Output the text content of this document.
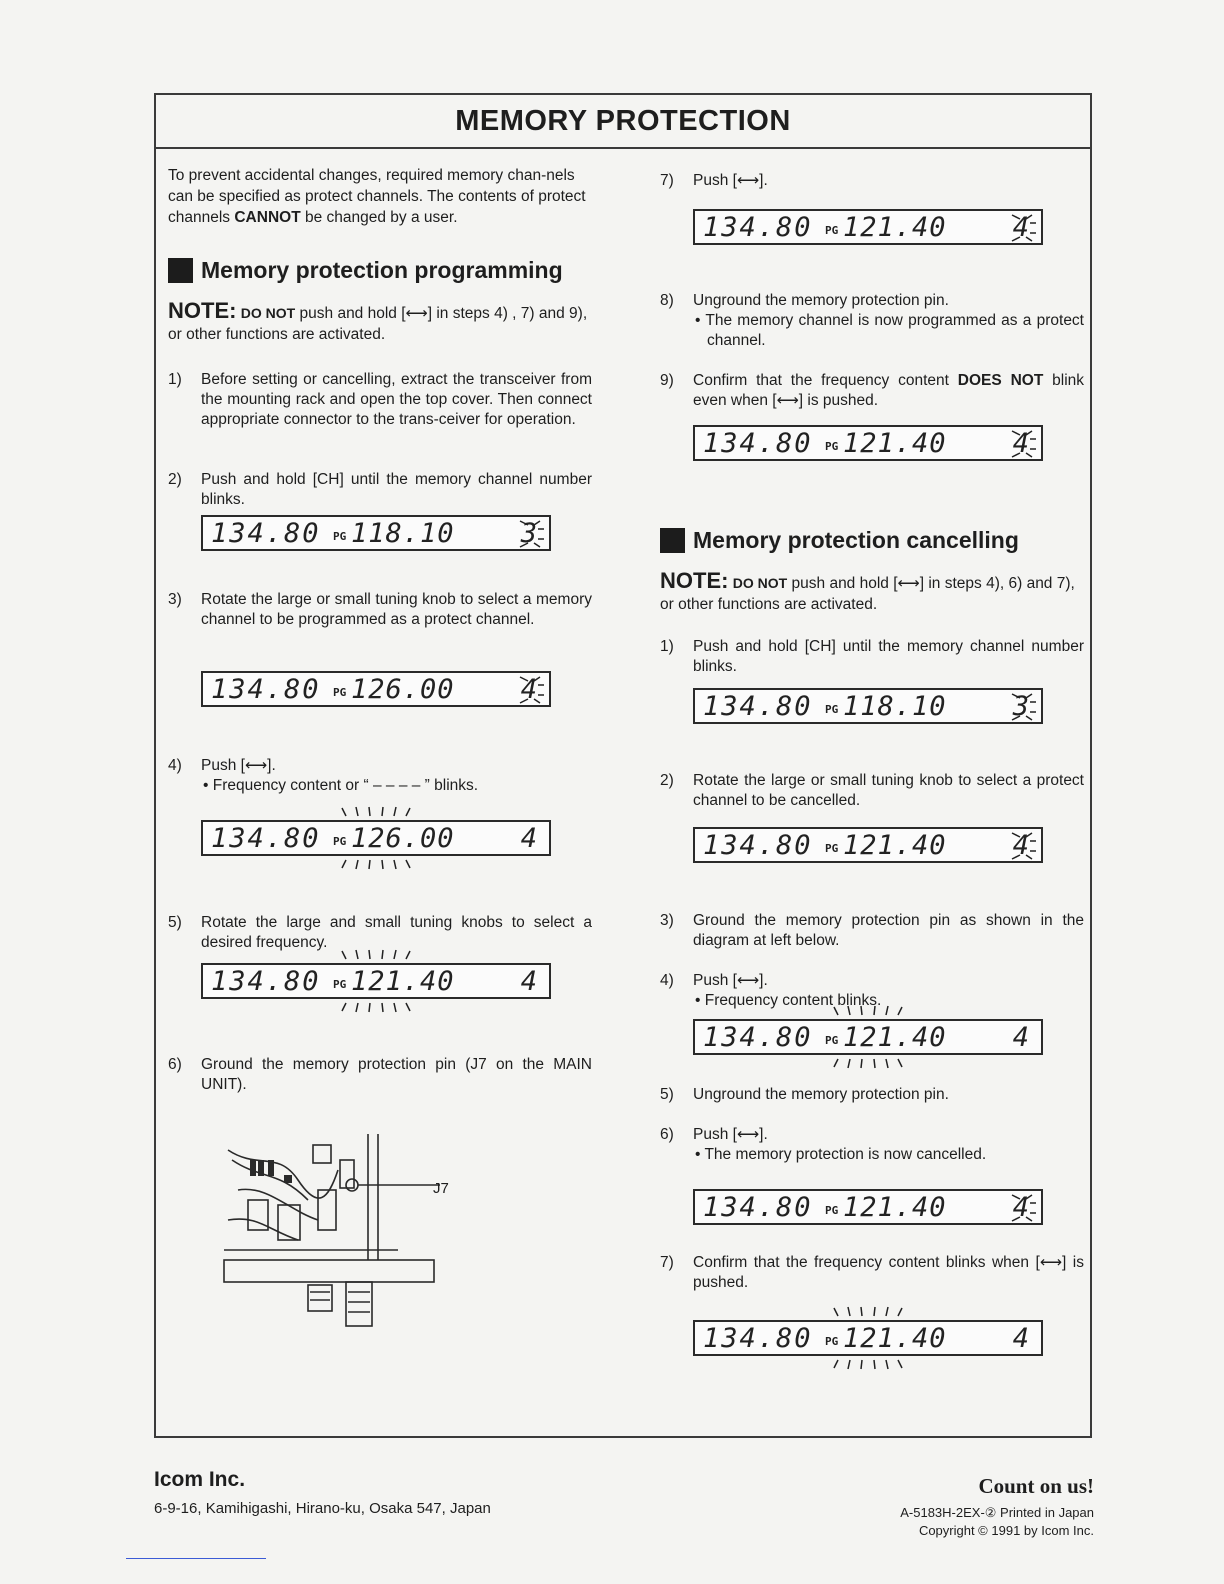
MEMORY PROTECTION

To prevent accidental changes, required memory chan-nels can be specified as protect channels. The contents of protect channels CANNOT be changed by a user.

Memory protection programming

NOTE: DO NOT push and hold [⟷] in steps 4) , 7) and 9), or other functions are activated.

1)	Before setting or cancelling, extract the transceiver from the mounting rack and open the top cover. Then connect appropriate connector to the trans-ceiver for operation.
2)	Push and hold [CH] until the memory channel number blinks.
134.80 PG 118.10 3
3)	Rotate the large or small tuning knob to select a memory channel to be programmed as a protect channel.
134.80 PG 126.00 4
4)	Push [⟷].
• Frequency content or “ – – – – ” blinks.
134.80 PG 126.00 4
5)	Rotate the large and small tuning knobs to select a desired frequency.
134.80 PG 121.40 4
6)	Ground the memory protection pin (J7 on the MAIN UNIT).
J7
7)	Push [⟷].
134.80 PG 121.40 4
8)	Unground the memory protection pin.
• The memory channel is now programmed as a protect channel.
9)	Confirm that the frequency content DOES NOT blink even when [⟷] is pushed.
134.80 PG 121.40 4
Memory protection cancelling

NOTE: DO NOT push and hold [⟷] in steps 4), 6) and 7), or other functions are activated.

1)	Push and hold [CH] until the memory channel number blinks.
134.80 PG 118.10 3
2)	Rotate the large or small tuning knob to select a protect channel to be cancelled.
134.80 PG 121.40 4
3)	Ground the memory protection pin as shown in the diagram at left below.
4)	Push [⟷].
• Frequency content blinks.
134.80 PG 121.40 4
5)	Unground the memory protection pin.
6)	Push [⟷].
• The memory protection is now cancelled.
134.80 PG 121.40 4
7)	Confirm that the frequency content blinks when [⟷] is pushed.
134.80 PG 121.40 4
Icom Inc.
6-9-16, Kamihigashi, Hirano-ku, Osaka 547, Japan
Count on us!
A-5183H-2EX-② Printed in Japan
Copyright © 1991 by Icom Inc.
